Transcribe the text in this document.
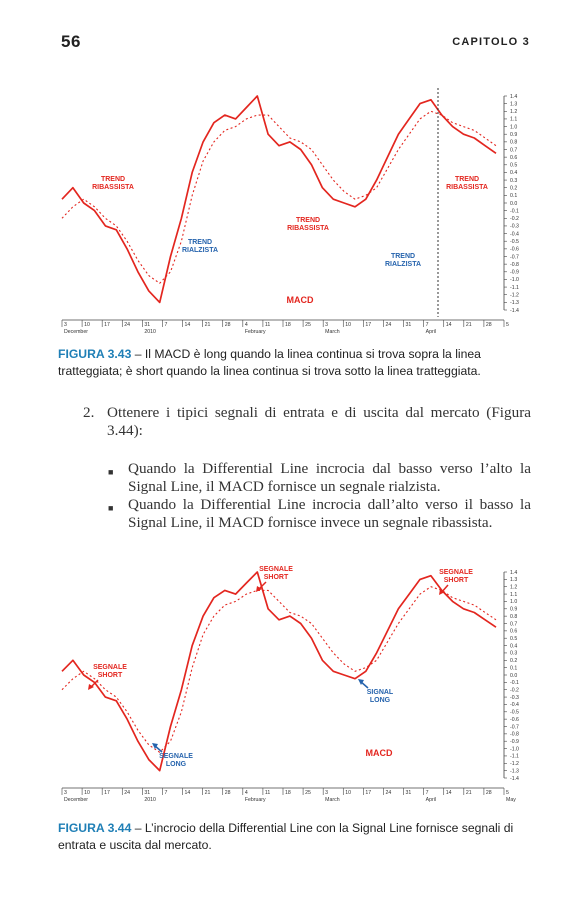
56	CAPITOLO 3
TREND
RIBASSISTA
TREND
RIALZISTA
TREND
RIBASSISTA
TREND
RIALZISTA
TREND
RIBASSISTA
MACD
1.4
1.3
1.2
1.1
1.0
0.9
0.8
0.7
0.6
0.5
0.4
0.3
0.2
0.1
0.0
-0.1
-0.2
-0.3
-0.4
-0.5
-0.6
-0.7
-0.8
-0.9
-1.0
-1.1
-1.2
-1.3
-1.4
3	10	17	24	31	7	14	21	28	4	11	18	25	3	10	17	24	31	7	14	21	28	5
December	2010	February	March	April
FIGURA 3.43 – Il MACD è long quando la linea continua si trova sopra la linea tratteggiata; è short quando la linea continua si trova sotto la linea tratteggiata.
2. Ottenere i tipici segnali di entrata e di uscita dal mercato (Figura 3.44):
■ Quando la Differential Line incrocia dal basso verso l’alto la Signal Line, il MACD fornisce un segnale rialzista.
■ Quando la Differential Line incrocia dall’alto verso il basso la Signal Line, il MACD fornisce invece un segnale ribassista.
SEGNALE
SHORT
SEGNALE
LONG
SEGNALE
SHORT
SIGNAL
LONG
SEGNALE
SHORT
MACD
1.4
1.3
1.2
1.1
1.0
0.9
0.8
0.7
0.6
0.5
0.4
0.3
0.2
0.1
0.0
-0.1
-0.2
-0.3
-0.4
-0.5
-0.6
-0.7
-0.8
-0.9
-1.0
-1.1
-1.2
-1.3
-1.4
3	10	17	24	31	7	14	21	28	4	11	18	25	3	10	17	24	31	7	14	21	28	5
December	2010	February	March	April	May
FIGURA 3.44 – L’incrocio della Differential Line con la Signal Line fornisce segnali di entrata e uscita dal mercato.
